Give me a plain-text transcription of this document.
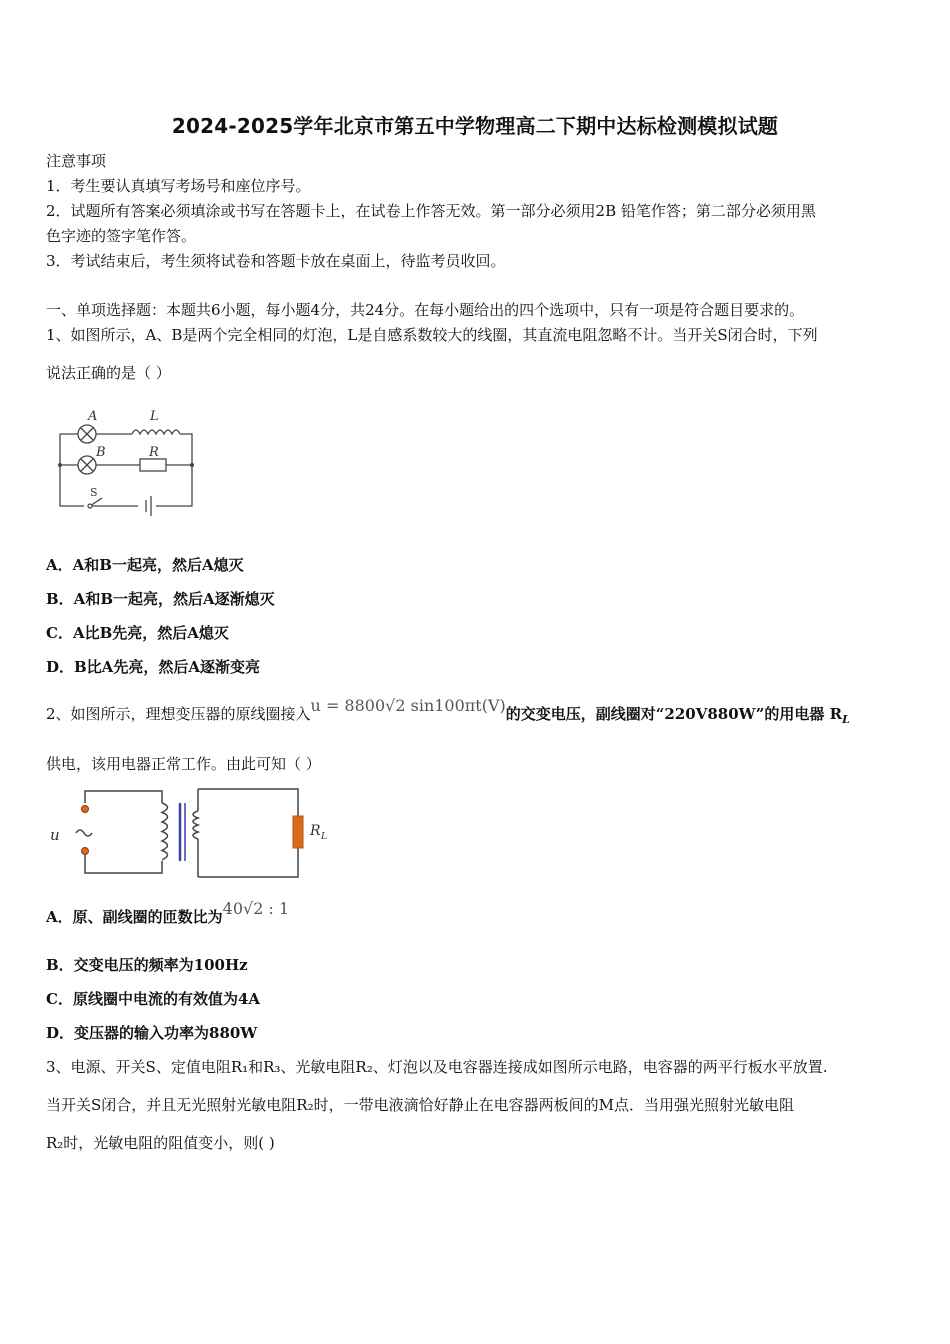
2024-2025学年北京市第五中学物理高二下期中达标检测模拟试题
注意事项
1．考生要认真填写考场号和座位序号。
2．试题所有答案必须填涂或书写在答题卡上，在试卷上作答无效。第一部分必须用2B 铅笔作答；第二部分必须用黑
色字迹的签字笔作答。
3．考试结束后，考生须将试卷和答题卡放在桌面上，待监考员收回。
一、单项选择题：本题共6小题，每小题4分，共24分。在每小题给出的四个选项中，只有一项是符合题目要求的。
1、如图所示，A、B是两个完全相同的灯泡，L是自感系数较大的线圈，其直流电阻忽略不计。当开关S闭合时，下列
说法正确的是（ ）
A
B
L
R
S
A．A和B一起亮，然后A熄灭
B．A和B一起亮，然后A逐渐熄灭
C．A比B先亮，然后A熄灭
D．B比A先亮，然后A逐渐变亮
2、如图所示，理想变压器的原线圈接入u = 8800√2 sin100πt(V)的交变电压，副线圈对“220V880W”的用电器 $R_L$
供电，该用电器正常工作。由此可知（ ）
u	R L
A．原、副线圈的匝数比为40√2 : 1
B．交变电压的频率为100Hz
C．原线圈中电流的有效值为4A
D．变压器的输入功率为880W
3、电源、开关S、定值电阻R₁和R₃、光敏电阻R₂、灯泡以及电容器连接成如图所示电路，电容器的两平行板水平放置.
当开关S闭合，并且无光照射光敏电阻R₂时，一带电液滴恰好静止在电容器两板间的M点．当用强光照射光敏电阻
R₂时，光敏电阻的阻值变小，则( )
